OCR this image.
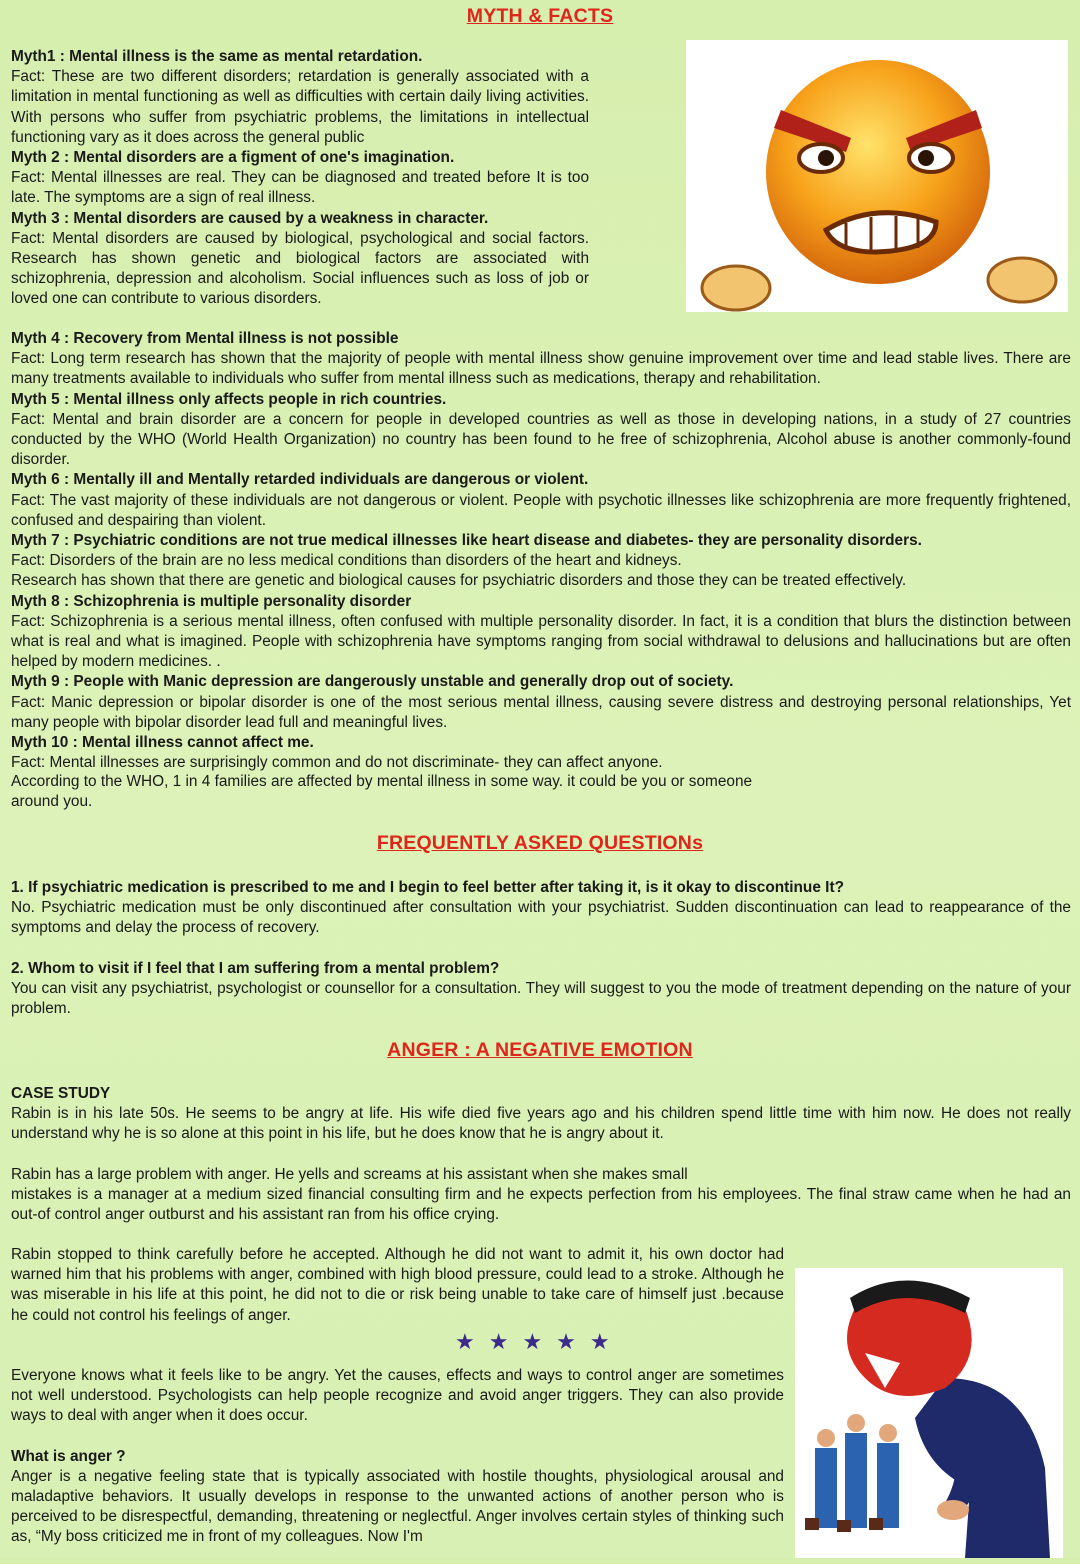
MYTH & FACTS
Myth1 : Mental illness is the same as mental retardation.
Fact: These are two different disorders; retardation is generally associated with a limitation in mental functioning as well as difficulties with certain daily living activities. With persons who suffer from psychiatric problems, the limitations in intellectual functioning vary as it does across the general public
Myth 2 : Mental disorders are a figment of one's imagination.
Fact: Mental illnesses are real. They can be diagnosed and treated before It is too late. The symptoms are a sign of real illness.
Myth 3 : Mental disorders are caused by a weakness in character.
Fact: Mental disorders are caused by biological, psychological and social factors. Research has shown genetic and biological factors are associated with schizophrenia, depression and alcoholism. Social influences such as loss of job or loved one can contribute to various disorders.
Myth 4 : Recovery from Mental illness is not possible
Fact: Long term research has shown that the majority of people with mental illness show genuine improvement over time and lead stable lives. There are many treatments available to individuals who suffer from mental illness such as medications, therapy and rehabilitation.
Myth 5 : Mental illness only affects people in rich countries.
Fact: Mental and brain disorder are a concern for people in developed countries as well as those in developing nations, in a study of 27 countries conducted by the WHO (World Health Organization) no country has been found to he free of schizophrenia, Alcohol abuse is another commonly-found disorder.
Myth 6 : Mentally ill and Mentally retarded individuals are dangerous or violent.
Fact: The vast majority of these individuals are not dangerous or violent. People with psychotic illnesses like schizophrenia are more frequently frightened, confused and despairing than violent.
Myth 7 : Psychiatric conditions are not true medical illnesses like heart disease and diabetes- they are personality disorders.
Fact: Disorders of the brain are no less medical conditions than disorders of the heart and kidneys.
Research has shown that there are genetic and biological causes for psychiatric disorders and those they can be treated effectively.
Myth 8 : Schizophrenia is multiple personality disorder
Fact: Schizophrenia is a serious mental illness, often confused with multiple personality disorder. In fact, it is a condition that blurs the distinction between what is real and what is imagined. People with schizophrenia have symptoms ranging from social withdrawal to delusions and hallucinations but are often helped by modern medicines. .
Myth 9 : People with Manic depression are dangerously unstable and generally drop out of society.
Fact: Manic depression or bipolar disorder is one of the most serious mental illness, causing severe distress and destroying personal relationships, Yet many people with bipolar disorder lead full and meaningful lives.
Myth 10 : Mental illness cannot affect me.
Fact: Mental illnesses are surprisingly common and do not discriminate- they can affect anyone.
According to the WHO, 1 in 4 families are affected by mental illness in some way. it could be you or someone around you.
FREQUENTLY ASKED QUESTIONs
1. If psychiatric medication is prescribed to me and I begin to feel better after taking it, is it okay to discontinue It?
No. Psychiatric medication must be only discontinued after consultation with your psychiatrist. Sudden discontinuation can lead to reappearance of the symptoms and delay the process of recovery.
2. Whom to visit if I feel that I am suffering from a mental problem?
You can visit any psychiatrist, psychologist or counsellor for a consultation. They will suggest to you the mode of treatment depending on the nature of your problem.
ANGER : A NEGATIVE EMOTION
CASE STUDY
Rabin is in his late 50s. He seems to be angry at life. His wife died five years ago and his children spend little time with him now. He does not really understand why he is so alone at this point in his life, but he does know that he is angry about it.
Rabin has a large problem with anger. He yells and screams at his assistant when she makes small
mistakes is a manager at a medium sized financial consulting firm and he expects perfection from his employees. The final straw came when he had an out-of control anger outburst and his assistant ran from his office crying.
Rabin stopped to think carefully before he accepted. Although he did not want to admit it, his own doctor had warned him that his problems with anger, combined with high blood pressure, could lead to a stroke. Although he was miserable in his life at this point, he did not to die or risk being unable to take care of himself just .because he could not control his feelings of anger.
★★★★★
Everyone knows what it feels like to be angry. Yet the causes, effects and ways to control anger are sometimes not well understood. Psychologists can help people recognize and avoid anger triggers. They can also provide ways to deal with anger when it does occur.
What is anger ?
Anger is a negative feeling state that is typically associated with hostile thoughts, physiological arousal and maladaptive behaviors. It usually develops in response to the unwanted actions of another person who is perceived to be disrespectful, demanding, threatening or neglectful. Anger involves certain styles of thinking such as, “My boss criticized me in front of my colleagues. Now I'm
